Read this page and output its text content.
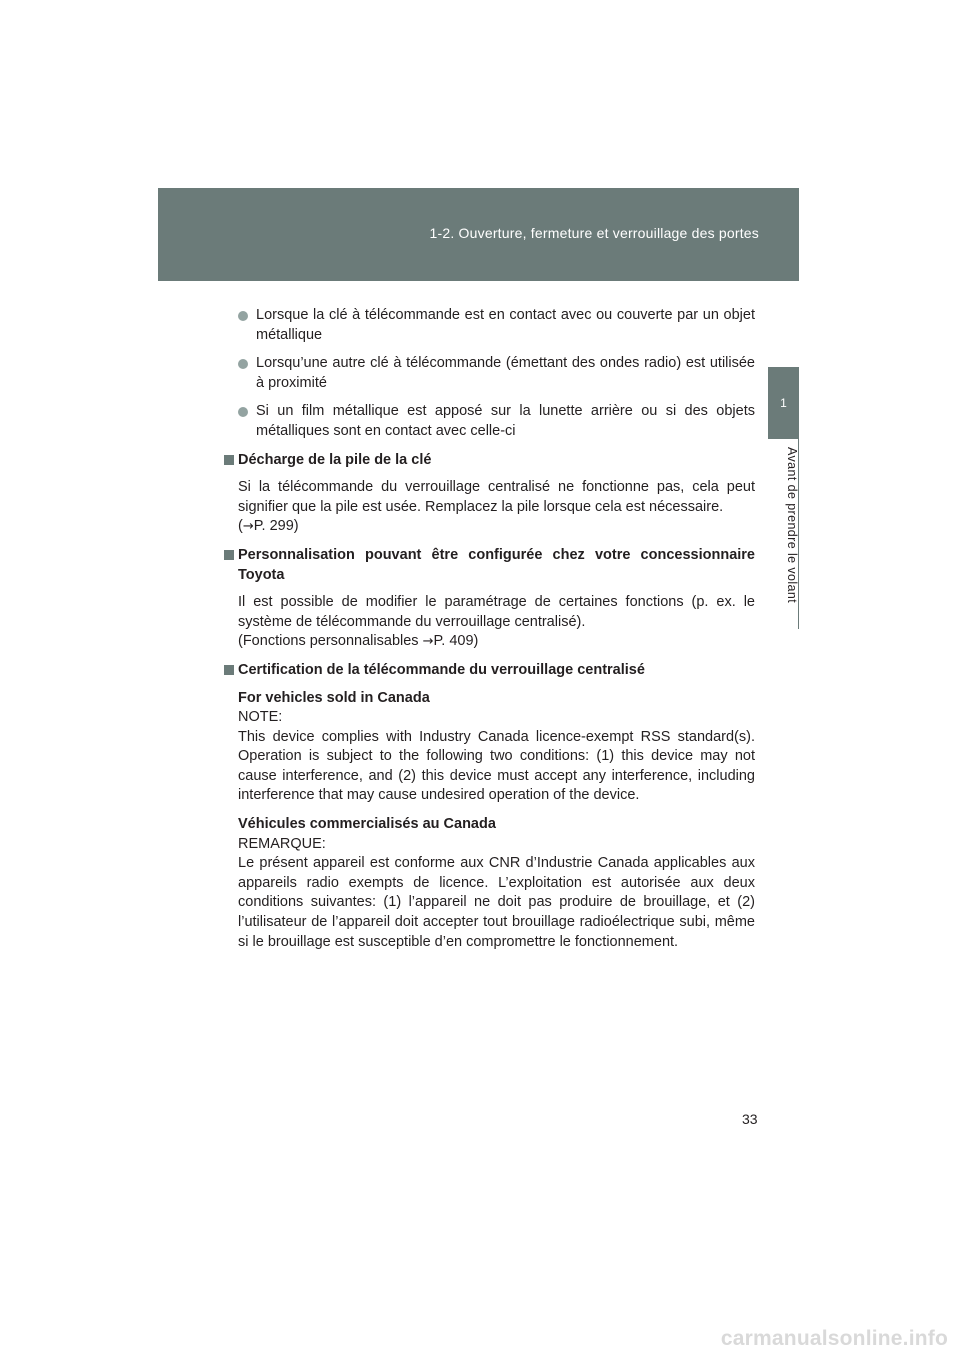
1-2. Ouverture, fermeture et verrouillage des portes
1
Avant de prendre le volant
Lorsque la clé à télécommande est en contact avec ou couverte par un objet métallique
Lorsqu’une autre clé à télécommande (émettant des ondes radio) est utilisée à proximité
Si un film métallique est apposé sur la lunette arrière ou si des objets métalliques sont en contact avec celle-ci
Décharge de la pile de la clé
Si la télécommande du verrouillage centralisé ne fonctionne pas, cela peut signifier que la pile est usée. Remplacez la pile lorsque cela est nécessaire.
(→P. 299)
Personnalisation pouvant être configurée chez votre concessionnaire Toyota
Il est possible de modifier le paramétrage de certaines fonctions (p. ex. le système de télécommande du verrouillage centralisé).
(Fonctions personnalisables →P. 409)
Certification de la télécommande du verrouillage centralisé
For vehicles sold in Canada
NOTE:
This device complies with Industry Canada licence-exempt RSS standard(s). Operation is subject to the following two conditions: (1) this device may not cause interference, and (2) this device must accept any interference, including interference that may cause undesired operation of the device.
Véhicules commercialisés au Canada
REMARQUE:
Le présent appareil est conforme aux CNR d’Industrie Canada applicables aux appareils radio exempts de licence. L’exploitation est autorisée aux deux conditions suivantes: (1) l’appareil ne doit pas produire de brouillage, et (2) l’utilisateur de l’appareil doit accepter tout brouillage radioélectrique subi, même si le brouillage est susceptible d’en compromettre le fonctionnement.
33
carmanualsonline.info
